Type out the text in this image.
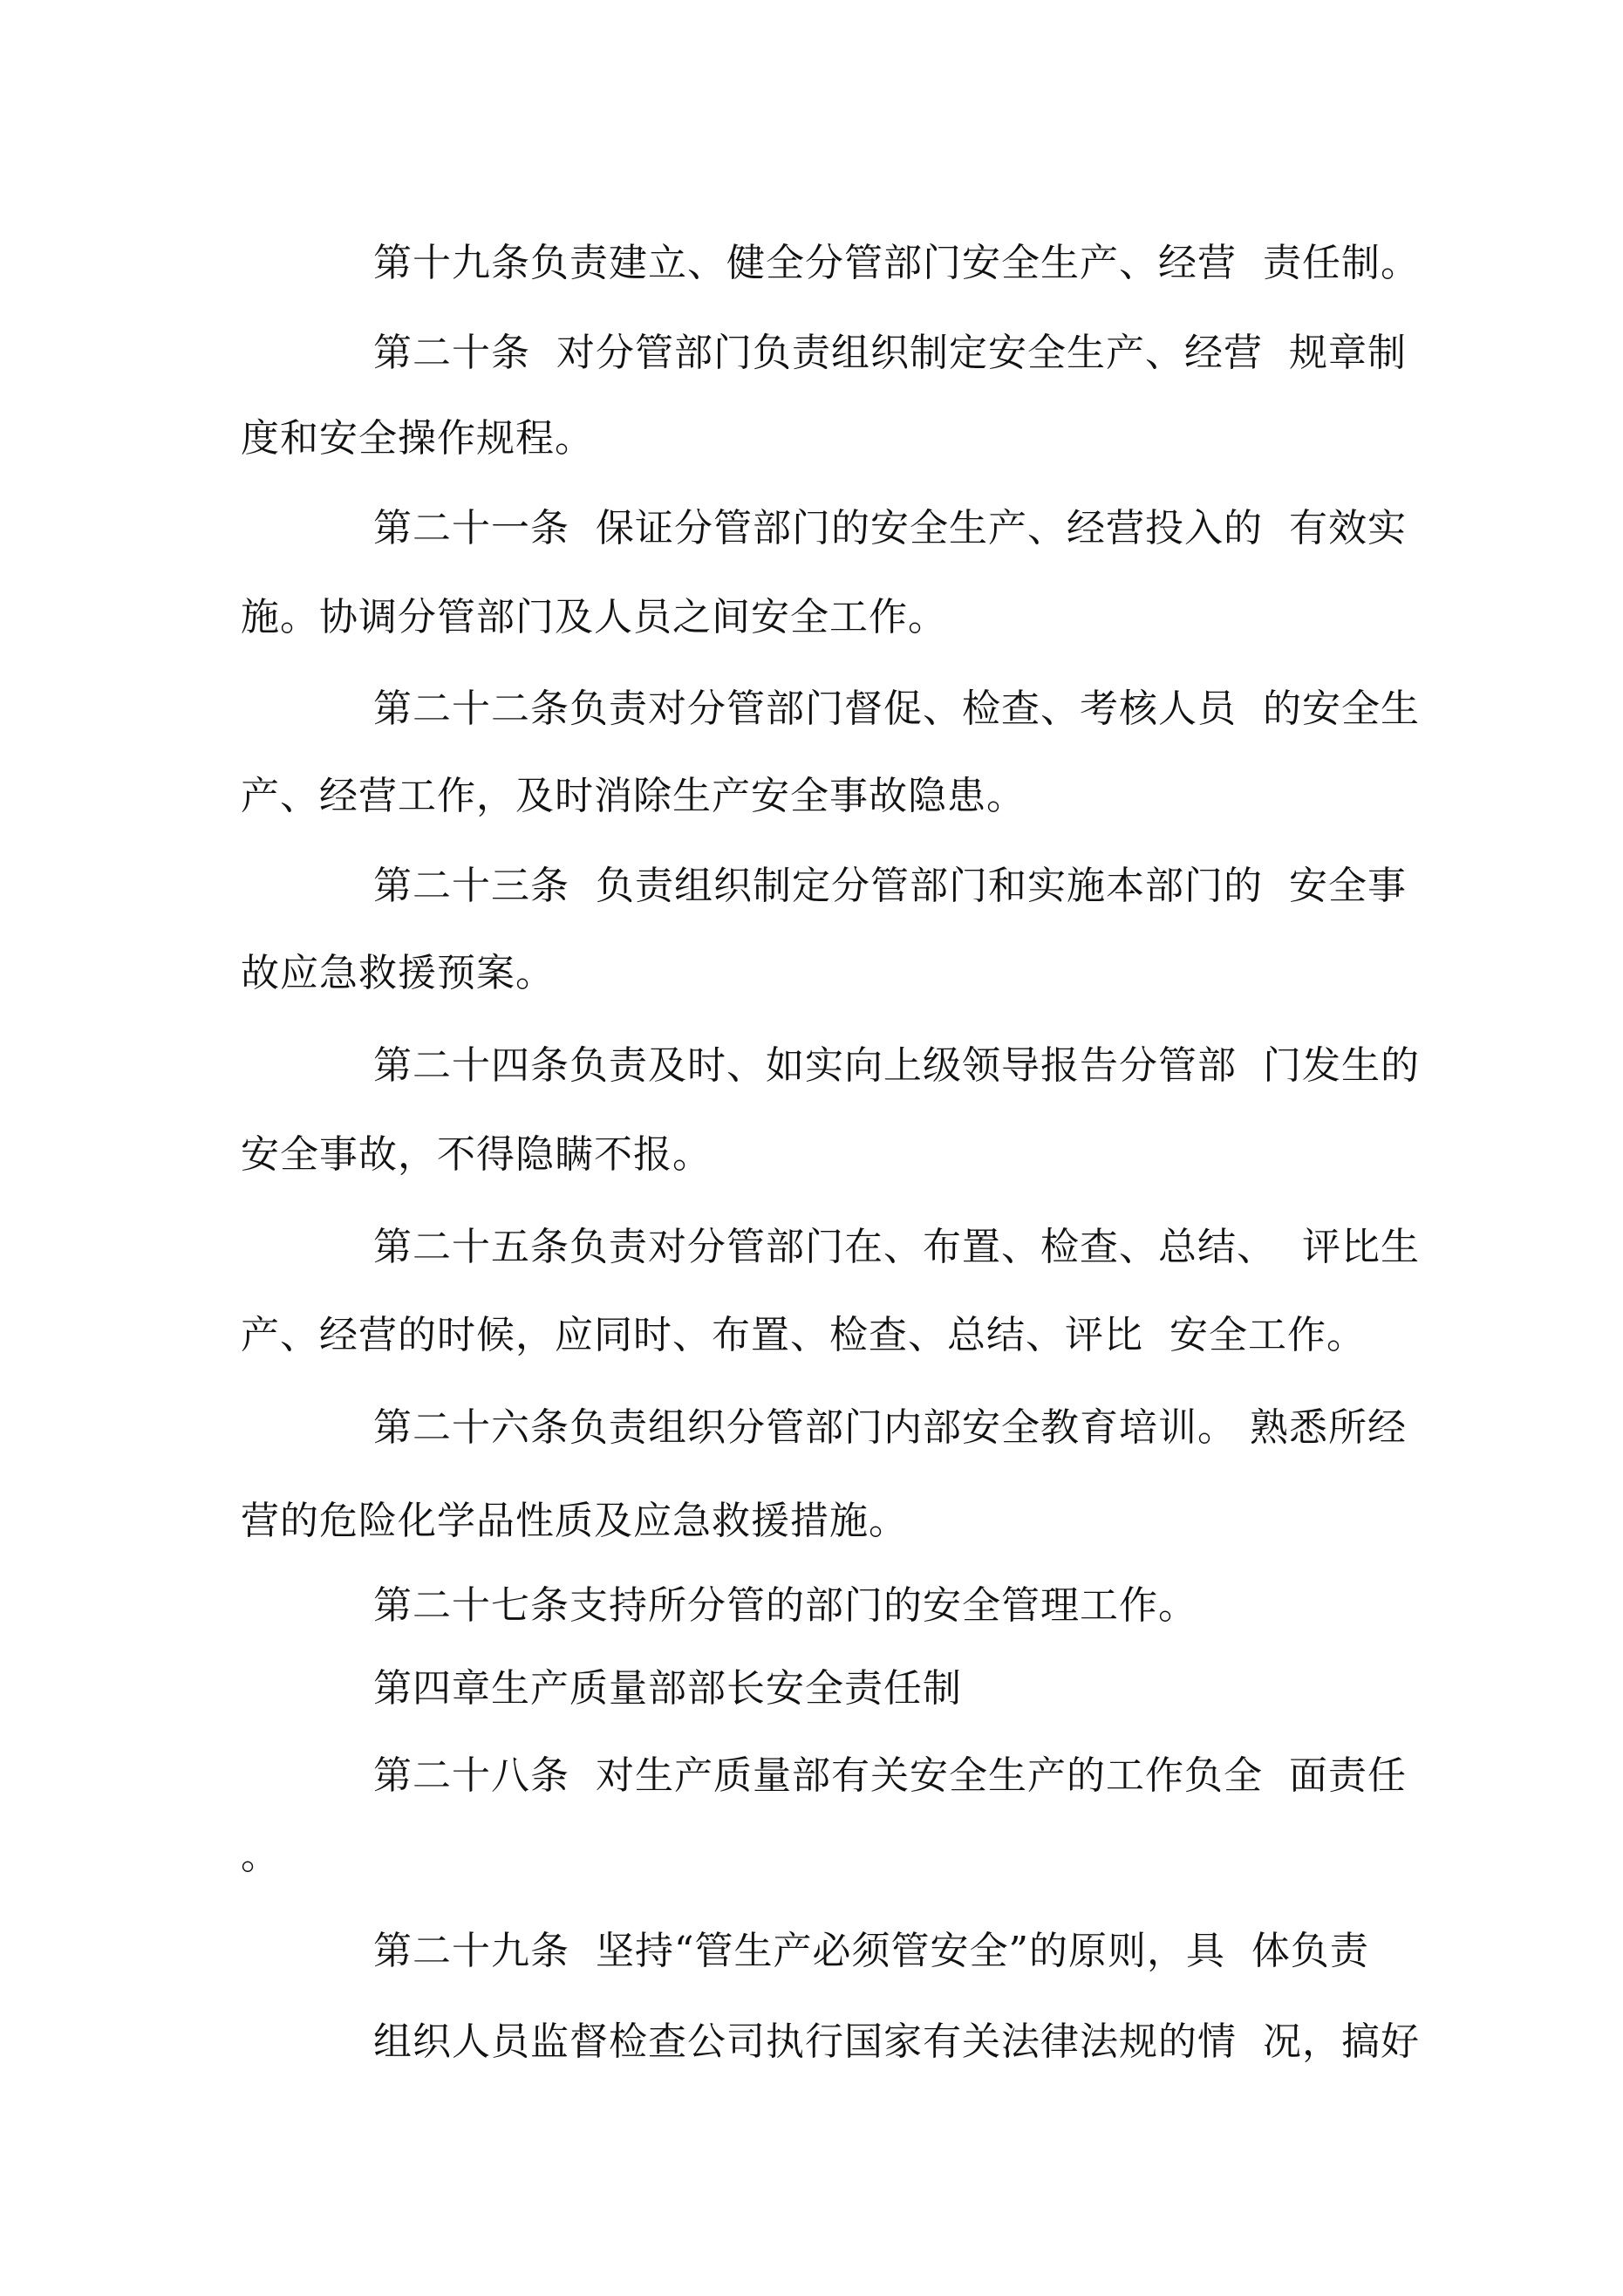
第十九条负责建立、健全分管部门安全生产、经营  责任制。
第二十条  对分管部门负责组织制定安全生产、经营  规章制
度和安全操作规程。
第二十一条  保证分管部门的安全生产、经营投入的  有效实
施。协调分管部门及人员之间安全工作。
第二十二条负责对分管部门督促、检查、考核人员  的安全生
产、经营工作，及时消除生产安全事故隐患。
第二十三条  负责组织制定分管部门和实施本部门的  安全事
故应急救援预案。
第二十四条负责及时、如实向上级领导报告分管部  门发生的
安全事故，不得隐瞒不报。
第二十五条负责对分管部门在、布置、检查、总结、  评比生
产、经营的时候，应同时、布置、检查、总结、评比  安全工作。
第二十六条负责组织分管部门内部安全教育培训。 熟悉所经
营的危险化学品性质及应急救援措施。
第二十七条支持所分管的部门的安全管理工作。
第四章生产质量部部长安全责任制
第二十八条  对生产质量部有关安全生产的工作负全  面责任
。
第二十九条  坚持“管生产必须管安全”的原则，具  体负责
组织人员监督检查公司执行国家有关法律法规的情  况，搞好
